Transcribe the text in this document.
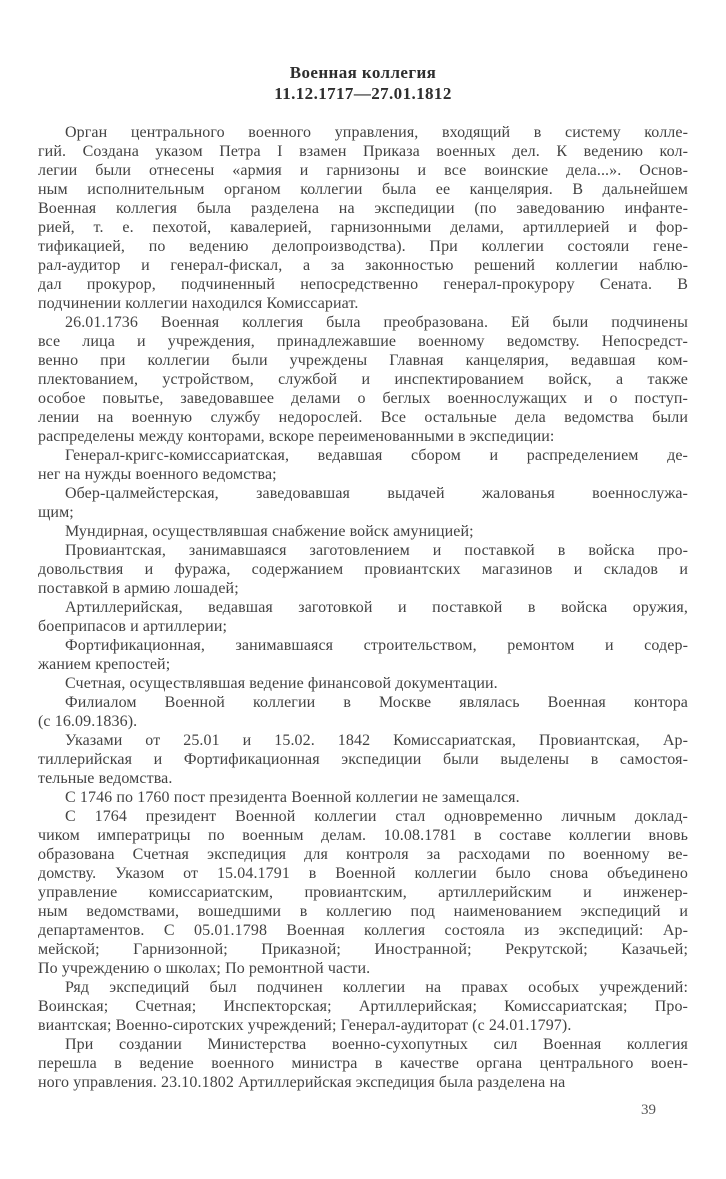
Военная коллегия
11.12.1717—27.01.1812
Орган центрального военного управления, входящий в систему колле-
гий. Создана указом Петра I взамен Приказа военных дел. К ведению кол-
легии были отнесены «армия и гарнизоны и все воинские дела...». Основ-
ным исполнительным органом коллегии была ее канцелярия. В дальнейшем
Военная коллегия была разделена на экспедиции (по заведованию инфанте-
рией, т. е. пехотой, кавалерией, гарнизонными делами, артиллерией и фор-
тификацией, по ведению делопроизводства). При коллегии состояли гене-
рал-аудитор и генерал-фискал, а за законностью решений коллегии наблю-
дал прокурор, подчиненный непосредственно генерал-прокурору Сената. В
подчинении коллегии находился Комиссариат.
26.01.1736 Военная коллегия была преобразована. Ей были подчинены
все лица и учреждения, принадлежавшие военному ведомству. Непосредст-
венно при коллегии были учреждены Главная канцелярия, ведавшая ком-
плектованием, устройством, службой и инспектированием войск, а также
особое повытье, заведовавшее делами о беглых военнослужащих и о поступ-
лении на военную службу недорослей. Все остальные дела ведомства были
распределены между конторами, вскоре переименованными в экспедиции:
Генерал-кригс-комиссариатская, ведавшая сбором и распределением де-
нег на нужды военного ведомства;
Обер-цалмейстерская, заведовавшая выдачей жалованья военнослужа-
щим;
Мундирная, осуществлявшая снабжение войск амуницией;
Провиантская, занимавшаяся заготовлением и поставкой в войска про-
довольствия и фуража, содержанием провиантских магазинов и складов и
поставкой в армию лошадей;
Артиллерийская, ведавшая заготовкой и поставкой в войска оружия,
боеприпасов и артиллерии;
Фортификационная, занимавшаяся строительством, ремонтом и содер-
жанием крепостей;
Счетная, осуществлявшая ведение финансовой документации.
Филиалом Военной коллегии в Москве являлась Военная контора
(с 16.09.1836).
Указами от 25.01 и 15.02. 1842 Комиссариатская, Провиантская, Ар-
тиллерийская и Фортификационная экспедиции были выделены в самостоя-
тельные ведомства.
С 1746 по 1760 пост президента Военной коллегии не замещался.
С 1764 президент Военной коллегии стал одновременно личным доклад-
чиком императрицы по военным делам. 10.08.1781 в составе коллегии вновь
образована Счетная экспедиция для контроля за расходами по военному ве-
домству. Указом от 15.04.1791 в Военной коллегии было снова объединено
управление комиссариатским, провиантским, артиллерийским и инженер-
ным ведомствами, вошедшими в коллегию под наименованием экспедиций и
департаментов. С 05.01.1798 Военная коллегия состояла из экспедиций: Ар-
мейской; Гарнизонной; Приказной; Иностранной; Рекрутской; Казачьей;
По учреждению о школах; По ремонтной части.
Ряд экспедиций был подчинен коллегии на правах особых учреждений:
Воинская; Счетная; Инспекторская; Артиллерийская; Комиссариатская; Про-
виантская; Военно-сиротских учреждений; Генерал-аудиторат (с 24.01.1797).
При создании Министерства военно-сухопутных сил Военная коллегия
перешла в ведение военного министра в качестве органа центрального воен-
ного управления. 23.10.1802 Артиллерийская экспедиция была разделена на
39
